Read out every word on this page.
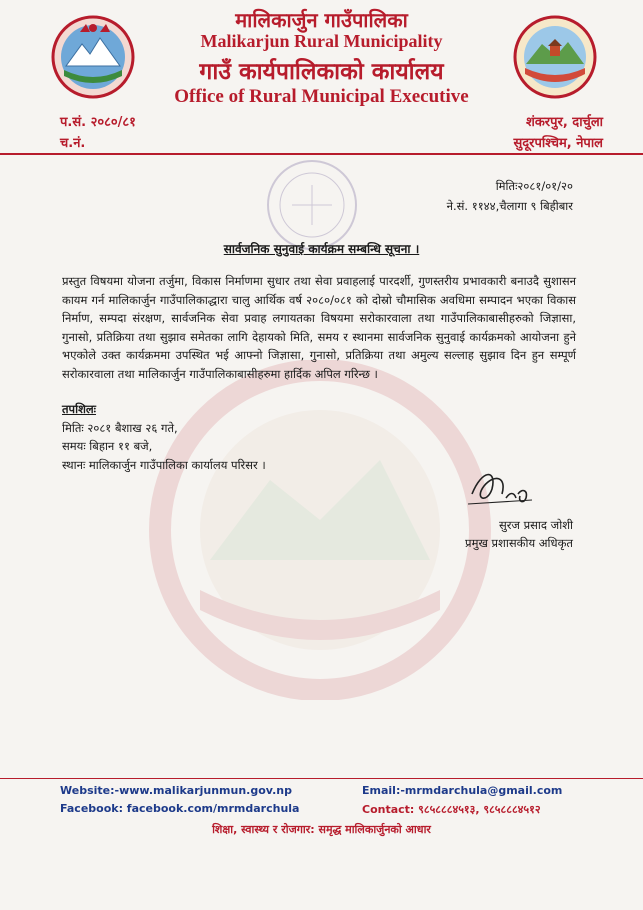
मालिकार्जुन गाउँपालिका
Malikarjun Rural Municipality
गाउँ कार्यपालिकाको कार्यालय
Office of Rural Municipal Executive
प.सं. २०८०/८१
च.नं.
शंकरपुर, दार्चुला
सुदूरपश्चिम, नेपाल
मितिः२०८१/०१/२०
ने.सं. ११४४,चैलागा ९ बिहीबार
सार्वजनिक सुनुवाई कार्यक्रम सम्बन्धि सूचना ।
प्रस्तुत विषयमा योजना तर्जुमा, विकास निर्माणमा सुधार तथा सेवा प्रवाहलाई पारदर्शी, गुणस्तरीय प्रभावकारी बनाउदै सुशासन कायम गर्न मालिकार्जुन गाउँपालिकाद्धारा चालु आर्थिक वर्ष २०८०/०८१ को दोस्रो चौमासिक अवधिमा सम्पादन भएका विकास निर्माण, सम्पदा संरक्षण, सार्वजनिक सेवा प्रवाह लगायतका विषयमा सरोकारवाला तथा गाउँपालिकाबासीहरुको जिज्ञासा, गुनासो, प्रतिक्रिया तथा सुझाव समेतका लागि देहायको मिति, समय र स्थानमा सार्वजनिक सुनुवाई कार्यक्रमको आयोजना हुने भएकोले उक्त कार्यक्रममा उपस्थित भई आफ्नो जिज्ञासा, गुनासो, प्रतिक्रिया तथा अमुल्य सल्लाह सुझाव दिन हुन सम्पूर्ण सरोकारवाला तथा मालिकार्जुन गाउँपालिकाबासीहरुमा हार्दिक अपिल गरिन्छ ।
तपशिलः
मितिः २०८१ बैशाख २६ गते,
समयः बिहान ११ बजे,
स्थानः मालिकार्जुन गाउँपालिका कार्यालय परिसर ।
सुरज प्रसाद जोशी
प्रमुख प्रशासकीय अधिकृत
Website:-www.malikarjunmun.gov.np
Facebook: facebook.com/mrmdarchula
Email:-mrmdarchula@gmail.com
Contact: ९८५८८८४५१३, ९८५८८८४५१२
शिक्षा, स्वास्थ्य र रोजगार: समृद्ध मालिकार्जुनको आधार
